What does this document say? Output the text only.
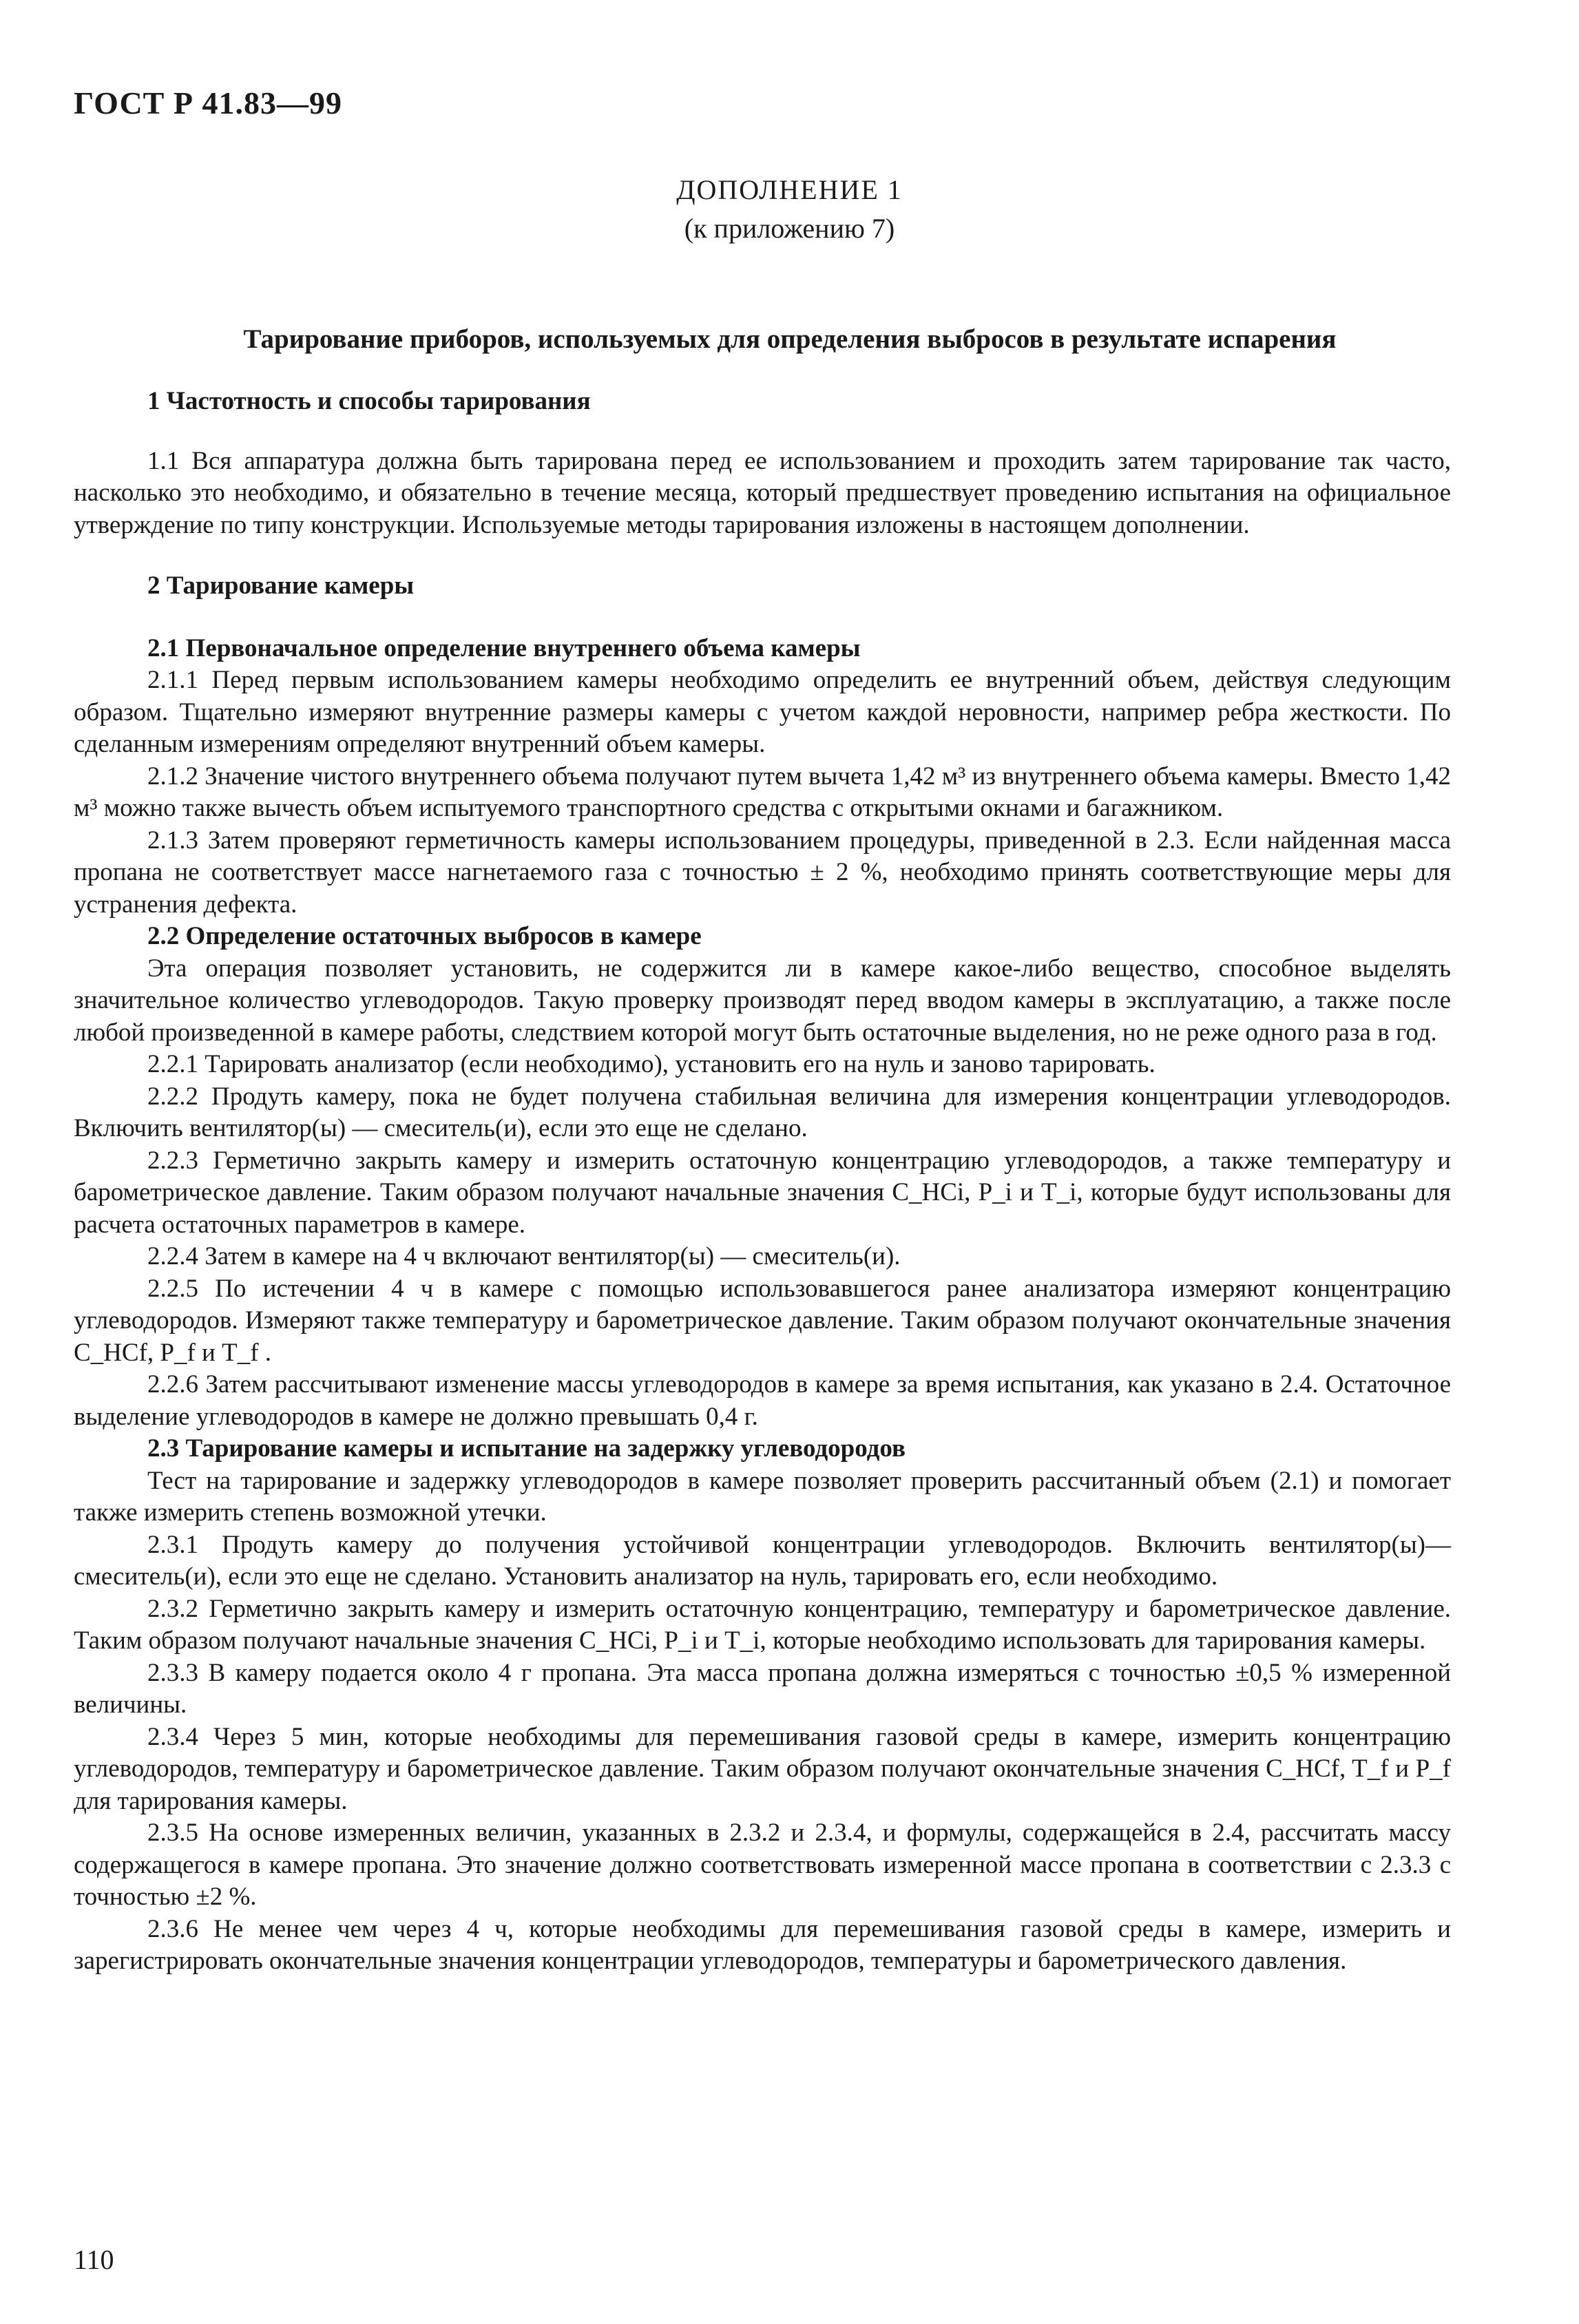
ГОСТ Р 41.83—99
ДОПОЛНЕНИЕ 1
(к приложению 7)
Тарирование приборов, используемых для определения выбросов в результате испарения

1 Частотность и способы тарирования

1.1 Вся аппаратура должна быть тарирована перед ее использованием и проходить затем тарирование так часто, насколько это необходимо, и обязательно в течение месяца, который предшествует проведению испытания на официальное утверждение по типу конструкции. Используемые методы тарирования изложены в настоящем дополнении.

2 Тарирование камеры

2.1 Первоначальное определение внутреннего объема камеры

2.1.1 Перед первым использованием камеры необходимо определить ее внутренний объем, действуя следующим образом. Тщательно измеряют внутренние размеры камеры с учетом каждой неровности, например ребра жесткости. По сделанным измерениям определяют внутренний объем камеры.

2.1.2 Значение чистого внутреннего объема получают путем вычета 1,42 м³ из внутреннего объема камеры. Вместо 1,42 м³ можно также вычесть объем испытуемого транспортного средства с открытыми окнами и багажником.

2.1.3 Затем проверяют герметичность камеры использованием процедуры, приведенной в 2.3. Если найденная масса пропана не соответствует массе нагнетаемого газа с точностью ± 2 %, необходимо принять соответствующие меры для устранения дефекта.

2.2 Определение остаточных выбросов в камере

Эта операция позволяет установить, не содержится ли в камере какое-либо вещество, способное выделять значительное количество углеводородов. Такую проверку производят перед вводом камеры в эксплуатацию, а также после любой произведенной в камере работы, следствием которой могут быть остаточные выделения, но не реже одного раза в год.

2.2.1 Тарировать анализатор (если необходимо), установить его на нуль и заново тарировать.

2.2.2 Продуть камеру, пока не будет получена стабильная величина для измерения концентрации углеводородов. Включить вентилятор(ы) — смеситель(и), если это еще не сделано.

2.2.3 Герметично закрыть камеру и измерить остаточную концентрацию углеводородов, а также температуру и барометрическое давление. Таким образом получают начальные значения C_HCi, P_i и T_i, которые будут использованы для расчета остаточных параметров в камере.

2.2.4 Затем в камере на 4 ч включают вентилятор(ы) — смеситель(и).

2.2.5 По истечении 4 ч в камере с помощью использовавшегося ранее анализатора измеряют концентрацию углеводородов. Измеряют также температуру и барометрическое давление. Таким образом получают окончательные значения C_HCf, P_f и T_f .

2.2.6 Затем рассчитывают изменение массы углеводородов в камере за время испытания, как указано в 2.4. Остаточное выделение углеводородов в камере не должно превышать 0,4 г.

2.3 Тарирование камеры и испытание на задержку углеводородов

Тест на тарирование и задержку углеводородов в камере позволяет проверить рассчитанный объем (2.1) и помогает также измерить степень возможной утечки.

2.3.1 Продуть камеру до получения устойчивой концентрации углеводородов. Включить вентилятор(ы)— смеситель(и), если это еще не сделано. Установить анализатор на нуль, тарировать его, если необходимо.

2.3.2 Герметично закрыть камеру и измерить остаточную концентрацию, температуру и барометрическое давление. Таким образом получают начальные значения C_HCi, P_i и T_i, которые необходимо использовать для тарирования камеры.

2.3.3 В камеру подается около 4 г пропана. Эта масса пропана должна измеряться с точностью ±0,5 % измеренной величины.

2.3.4 Через 5 мин, которые необходимы для перемешивания газовой среды в камере, измерить концентрацию углеводородов, температуру и барометрическое давление. Таким образом получают окончательные значения C_HCf, T_f и P_f для тарирования камеры.

2.3.5 На основе измеренных величин, указанных в 2.3.2 и 2.3.4, и формулы, содержащейся в 2.4, рассчитать массу содержащегося в камере пропана. Это значение должно соответствовать измеренной массе пропана в соответствии с 2.3.3 с точностью ±2 %.

2.3.6 Не менее чем через 4 ч, которые необходимы для перемешивания газовой среды в камере, измерить и зарегистрировать окончательные значения концентрации углеводородов, температуры и барометрического давления.

110
